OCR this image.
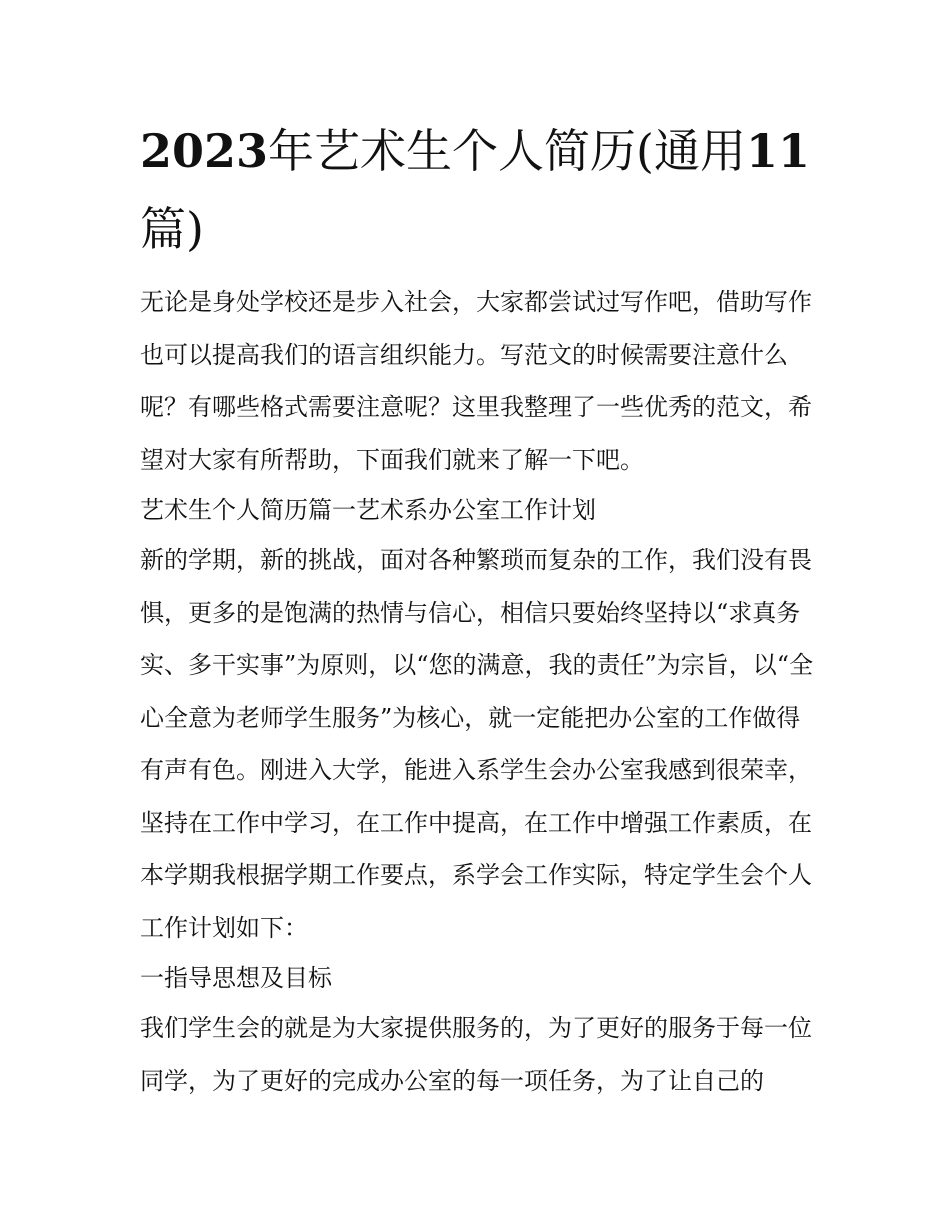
2023年艺术生个人简历(通用11篇)

无论是身处学校还是步入社会，大家都尝试过写作吧，借助写作也可以提高我们的语言组织能力。写范文的时候需要注意什么呢？有哪些格式需要注意呢？这里我整理了一些优秀的范文，希望对大家有所帮助，下面我们就来了解一下吧。

艺术生个人简历篇一艺术系办公室工作计划

新的学期，新的挑战，面对各种繁琐而复杂的工作，我们没有畏惧，更多的是饱满的热情与信心，相信只要始终坚持以“求真务实、多干实事”为原则，以“您的满意，我的责任”为宗旨，以“全心全意为老师学生服务”为核心，就一定能把办公室的工作做得有声有色。刚进入大学，能进入系学生会办公室我感到很荣幸，坚持在工作中学习，在工作中提高，在工作中增强工作素质，在本学期我根据学期工作要点，系学会工作实际，特定学生会个人工作计划如下：

一指导思想及目标

我们学生会的就是为大家提供服务的，为了更好的服务于每一位同学，为了更好的完成办公室的每一项任务，为了让自己的
